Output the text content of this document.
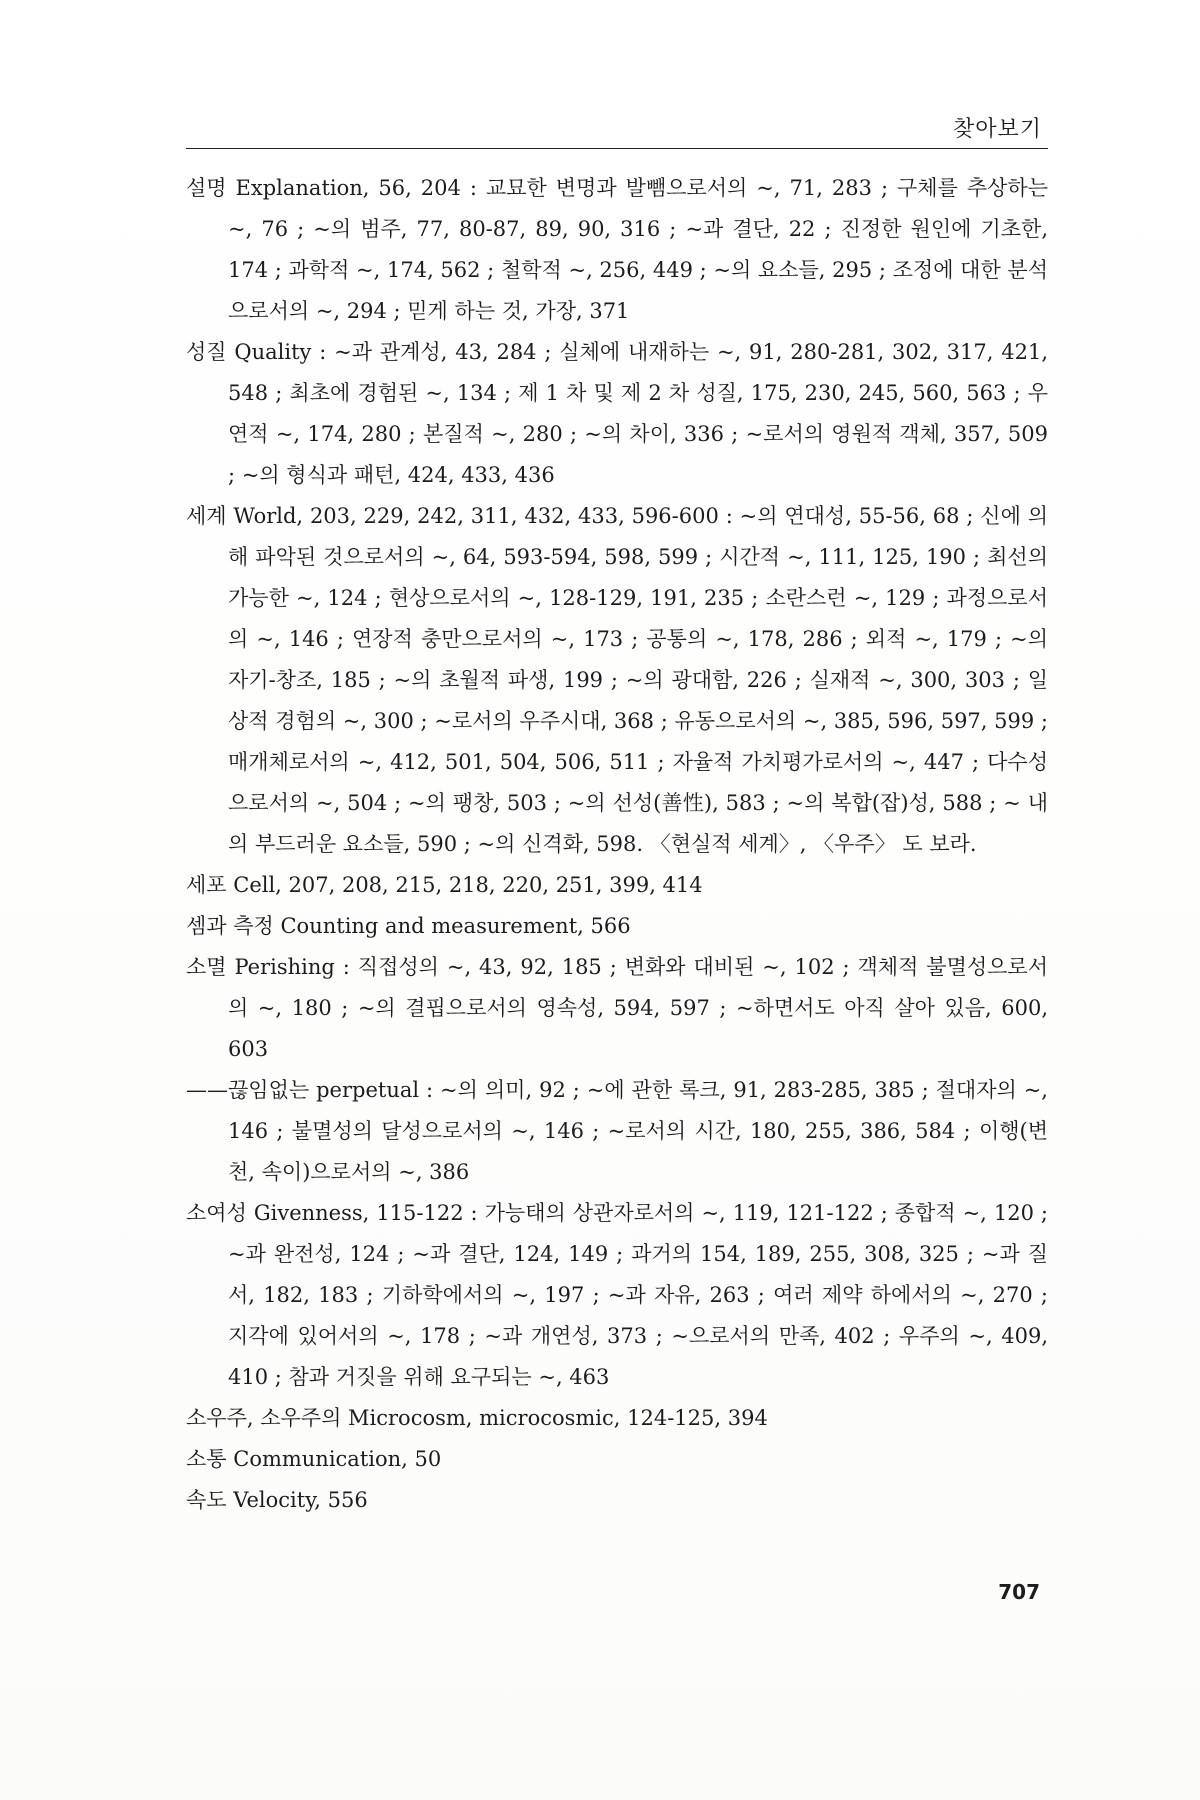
찾아보기

설명 Explanation, 56, 204 : 교묘한 변명과 발뺌으로서의 ~, 71, 283 ; 구체를 추상하는 ~, 76 ; ~의 범주, 77, 80-87, 89, 90, 316 ; ~과 결단, 22 ; 진정한 원인에 기초한, 174 ; 과학적 ~, 174, 562 ; 철학적 ~, 256, 449 ; ~의 요소들, 295 ; 조정에 대한 분석으로서의 ~, 294 ; 믿게 하는 것, 가장, 371

성질 Quality : ~과 관계성, 43, 284 ; 실체에 내재하는 ~, 91, 280-281, 302, 317, 421, 548 ; 최초에 경험된 ~, 134 ; 제 1 차 및 제 2 차 성질, 175, 230, 245, 560, 563 ; 우연적 ~, 174, 280 ; 본질적 ~, 280 ; ~의 차이, 336 ; ~로서의 영원적 객체, 357, 509 ; ~의 형식과 패턴, 424, 433, 436

세계 World, 203, 229, 242, 311, 432, 433, 596-600 : ~의 연대성, 55-56, 68 ; 신에 의해 파악된 것으로서의 ~, 64, 593-594, 598, 599 ; 시간적 ~, 111, 125, 190 ; 최선의 가능한 ~, 124 ; 현상으로서의 ~, 128-129, 191, 235 ; 소란스런 ~, 129 ; 과정으로서의 ~, 146 ; 연장적 충만으로서의 ~, 173 ; 공통의 ~, 178, 286 ; 외적 ~, 179 ; ~의 자기-창조, 185 ; ~의 초월적 파생, 199 ; ~의 광대함, 226 ; 실재적 ~, 300, 303 ; 일상적 경험의 ~, 300 ; ~로서의 우주시대, 368 ; 유동으로서의 ~, 385, 596, 597, 599 ; 매개체로서의 ~, 412, 501, 504, 506, 511 ; 자율적 가치평가로서의 ~, 447 ; 다수성으로서의 ~, 504 ; ~의 팽창, 503 ; ~의 선성(善性), 583 ; ~의 복합(잡)성, 588 ; ~ 내의 부드러운 요소들, 590 ; ~의 신격화, 598. 〈현실적 세계〉, 〈우주〉 도 보라.

세포 Cell, 207, 208, 215, 218, 220, 251, 399, 414

셈과 측정 Counting and measurement, 566

소멸 Perishing : 직접성의 ~, 43, 92, 185 ; 변화와 대비된 ~, 102 ; 객체적 불멸성으로서의 ~, 180 ; ~의 결핍으로서의 영속성, 594, 597 ; ~하면서도 아직 살아 있음, 600, 603

——끊임없는 perpetual : ~의 의미, 92 ; ~에 관한 록크, 91, 283-285, 385 ; 절대자의 ~, 146 ; 불멸성의 달성으로서의 ~, 146 ; ~로서의 시간, 180, 255, 386, 584 ; 이행(변천, 속이)으로서의 ~, 386

소여성 Givenness, 115-122 : 가능태의 상관자로서의 ~, 119, 121-122 ; 종합적 ~, 120 ; ~과 완전성, 124 ; ~과 결단, 124, 149 ; 과거의 154, 189, 255, 308, 325 ; ~과 질서, 182, 183 ; 기하학에서의 ~, 197 ; ~과 자유, 263 ; 여러 제약 하에서의 ~, 270 ; 지각에 있어서의 ~, 178 ; ~과 개연성, 373 ; ~으로서의 만족, 402 ; 우주의 ~, 409, 410 ; 참과 거짓을 위해 요구되는 ~, 463

소우주, 소우주의 Microcosm, microcosmic, 124-125, 394

소통 Communication, 50

속도 Velocity, 556

707
